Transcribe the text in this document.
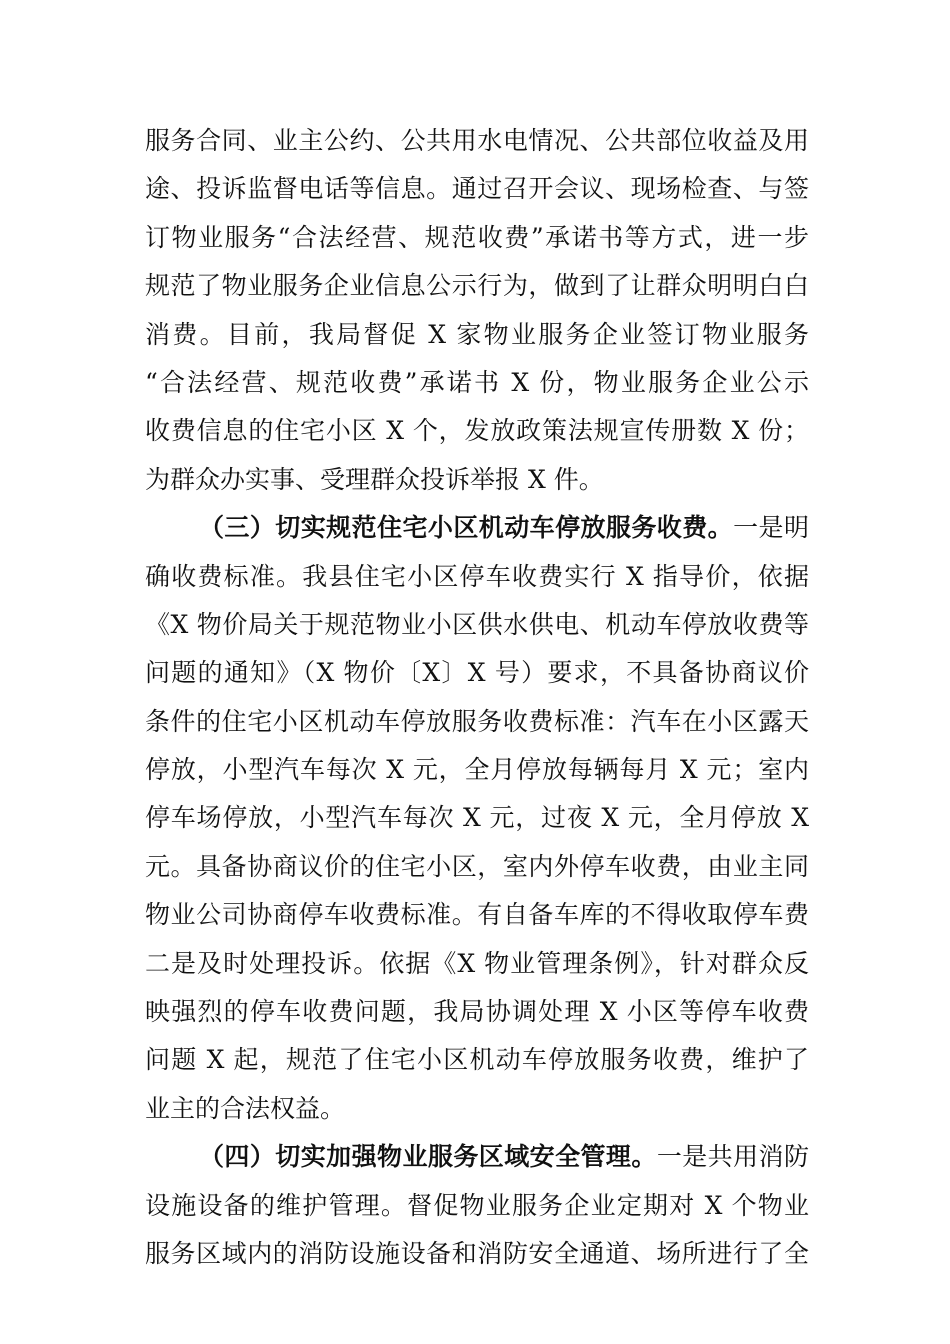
服务合同、业主公约、公共用水电情况、公共部位收益及用
途、投诉监督电话等信息。通过召开会议、现场检查、与签
订物业服务“合法经营、规范收费”承诺书等方式，进一步
规范了物业服务企业信息公示行为，做到了让群众明明白白
消费。目前，我局督促 X 家物业服务企业签订物业服务
“合法经营、规范收费”承诺书 X 份，物业服务企业公示
收费信息的住宅小区 X 个，发放政策法规宣传册数 X 份；
为群众办实事、受理群众投诉举报 X 件。
（三）切实规范住宅小区机动车停放服务收费。一是明
确收费标准。我县住宅小区停车收费实行 X 指导价，依据
《X 物价局关于规范物业小区供水供电、机动车停放收费等
问题的通知》（X 物价〔X〕X 号）要求，不具备协商议价
条件的住宅小区机动车停放服务收费标准：汽车在小区露天
停放，小型汽车每次 X 元，全月停放每辆每月 X 元；室内
停车场停放，小型汽车每次 X 元，过夜 X 元，全月停放 X
元。具备协商议价的住宅小区，室内外停车收费，由业主同
物业公司协商停车收费标准。有自备车库的不得收取停车费
二是及时处理投诉。依据《X 物业管理条例》，针对群众反
映强烈的停车收费问题，我局协调处理 X 小区等停车收费
问题 X 起，规范了住宅小区机动车停放服务收费，维护了
业主的合法权益。
（四）切实加强物业服务区域安全管理。一是共用消防
设施设备的维护管理。督促物业服务企业定期对 X 个物业
服务区域内的消防设施设备和消防安全通道、场所进行了全
